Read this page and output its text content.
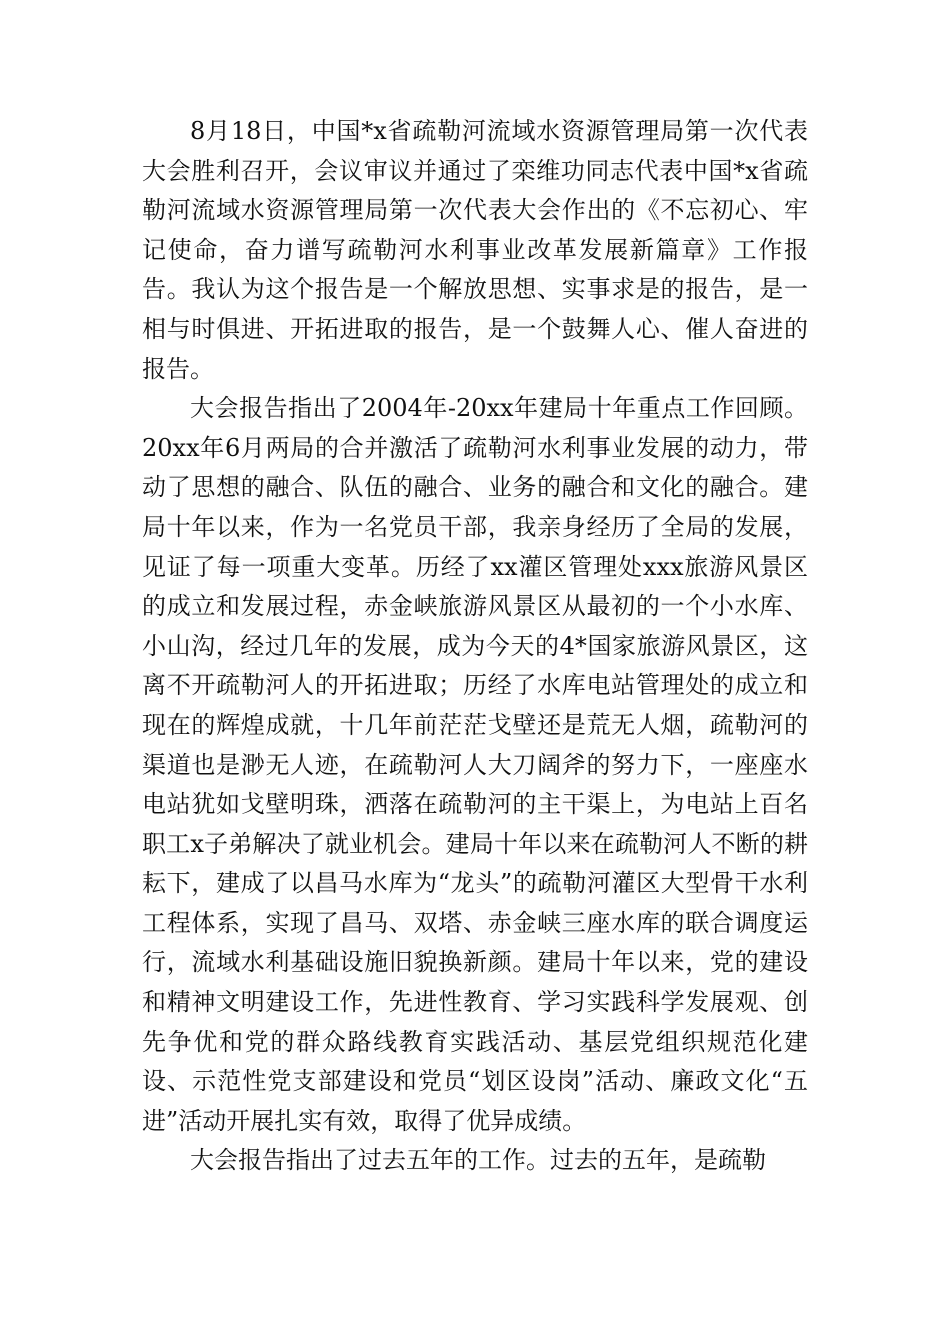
8月18日，中国*x省疏勒河流域水资源管理局第一次代表大会胜利召开，会议审议并通过了栾维功同志代表中国*x省疏勒河流域水资源管理局第一次代表大会作出的《不忘初心、牢记使命，奋力谱写疏勒河水利事业改革发展新篇章》工作报告。我认为这个报告是一个解放思想、实事求是的报告，是一相与时俱进、开拓进取的报告，是一个鼓舞人心、催人奋进的报告。

大会报告指出了2004年-20xx年建局十年重点工作回顾。20xx年6月两局的合并激活了疏勒河水利事业发展的动力，带动了思想的融合、队伍的融合、业务的融合和文化的融合。建局十年以来，作为一名党员干部，我亲身经历了全局的发展，见证了每一项重大变革。历经了xx灌区管理处xxx旅游风景区的成立和发展过程，赤金峡旅游风景区从最初的一个小水库、小山沟，经过几年的发展，成为今天的4*国家旅游风景区，这离不开疏勒河人的开拓进取；历经了水库电站管理处的成立和现在的辉煌成就，十几年前茫茫戈壁还是荒无人烟，疏勒河的渠道也是渺无人迹，在疏勒河人大刀阔斧的努力下，一座座水电站犹如戈壁明珠，洒落在疏勒河的主干渠上，为电站上百名职工x子弟解决了就业机会。建局十年以来在疏勒河人不断的耕耘下，建成了以昌马水库为“龙头”的疏勒河灌区大型骨干水利工程体系，实现了昌马、双塔、赤金峡三座水库的联合调度运行，流域水利基础设施旧貌换新颜。建局十年以来，党的建设和精神文明建设工作，先进性教育、学习实践科学发展观、创先争优和党的群众路线教育实践活动、基层党组织规范化建设、示范性党支部建设和党员“划区设岗”活动、廉政文化“五进”活动开展扎实有效，取得了优异成绩。

大会报告指出了过去五年的工作。过去的五年，是疏勒
